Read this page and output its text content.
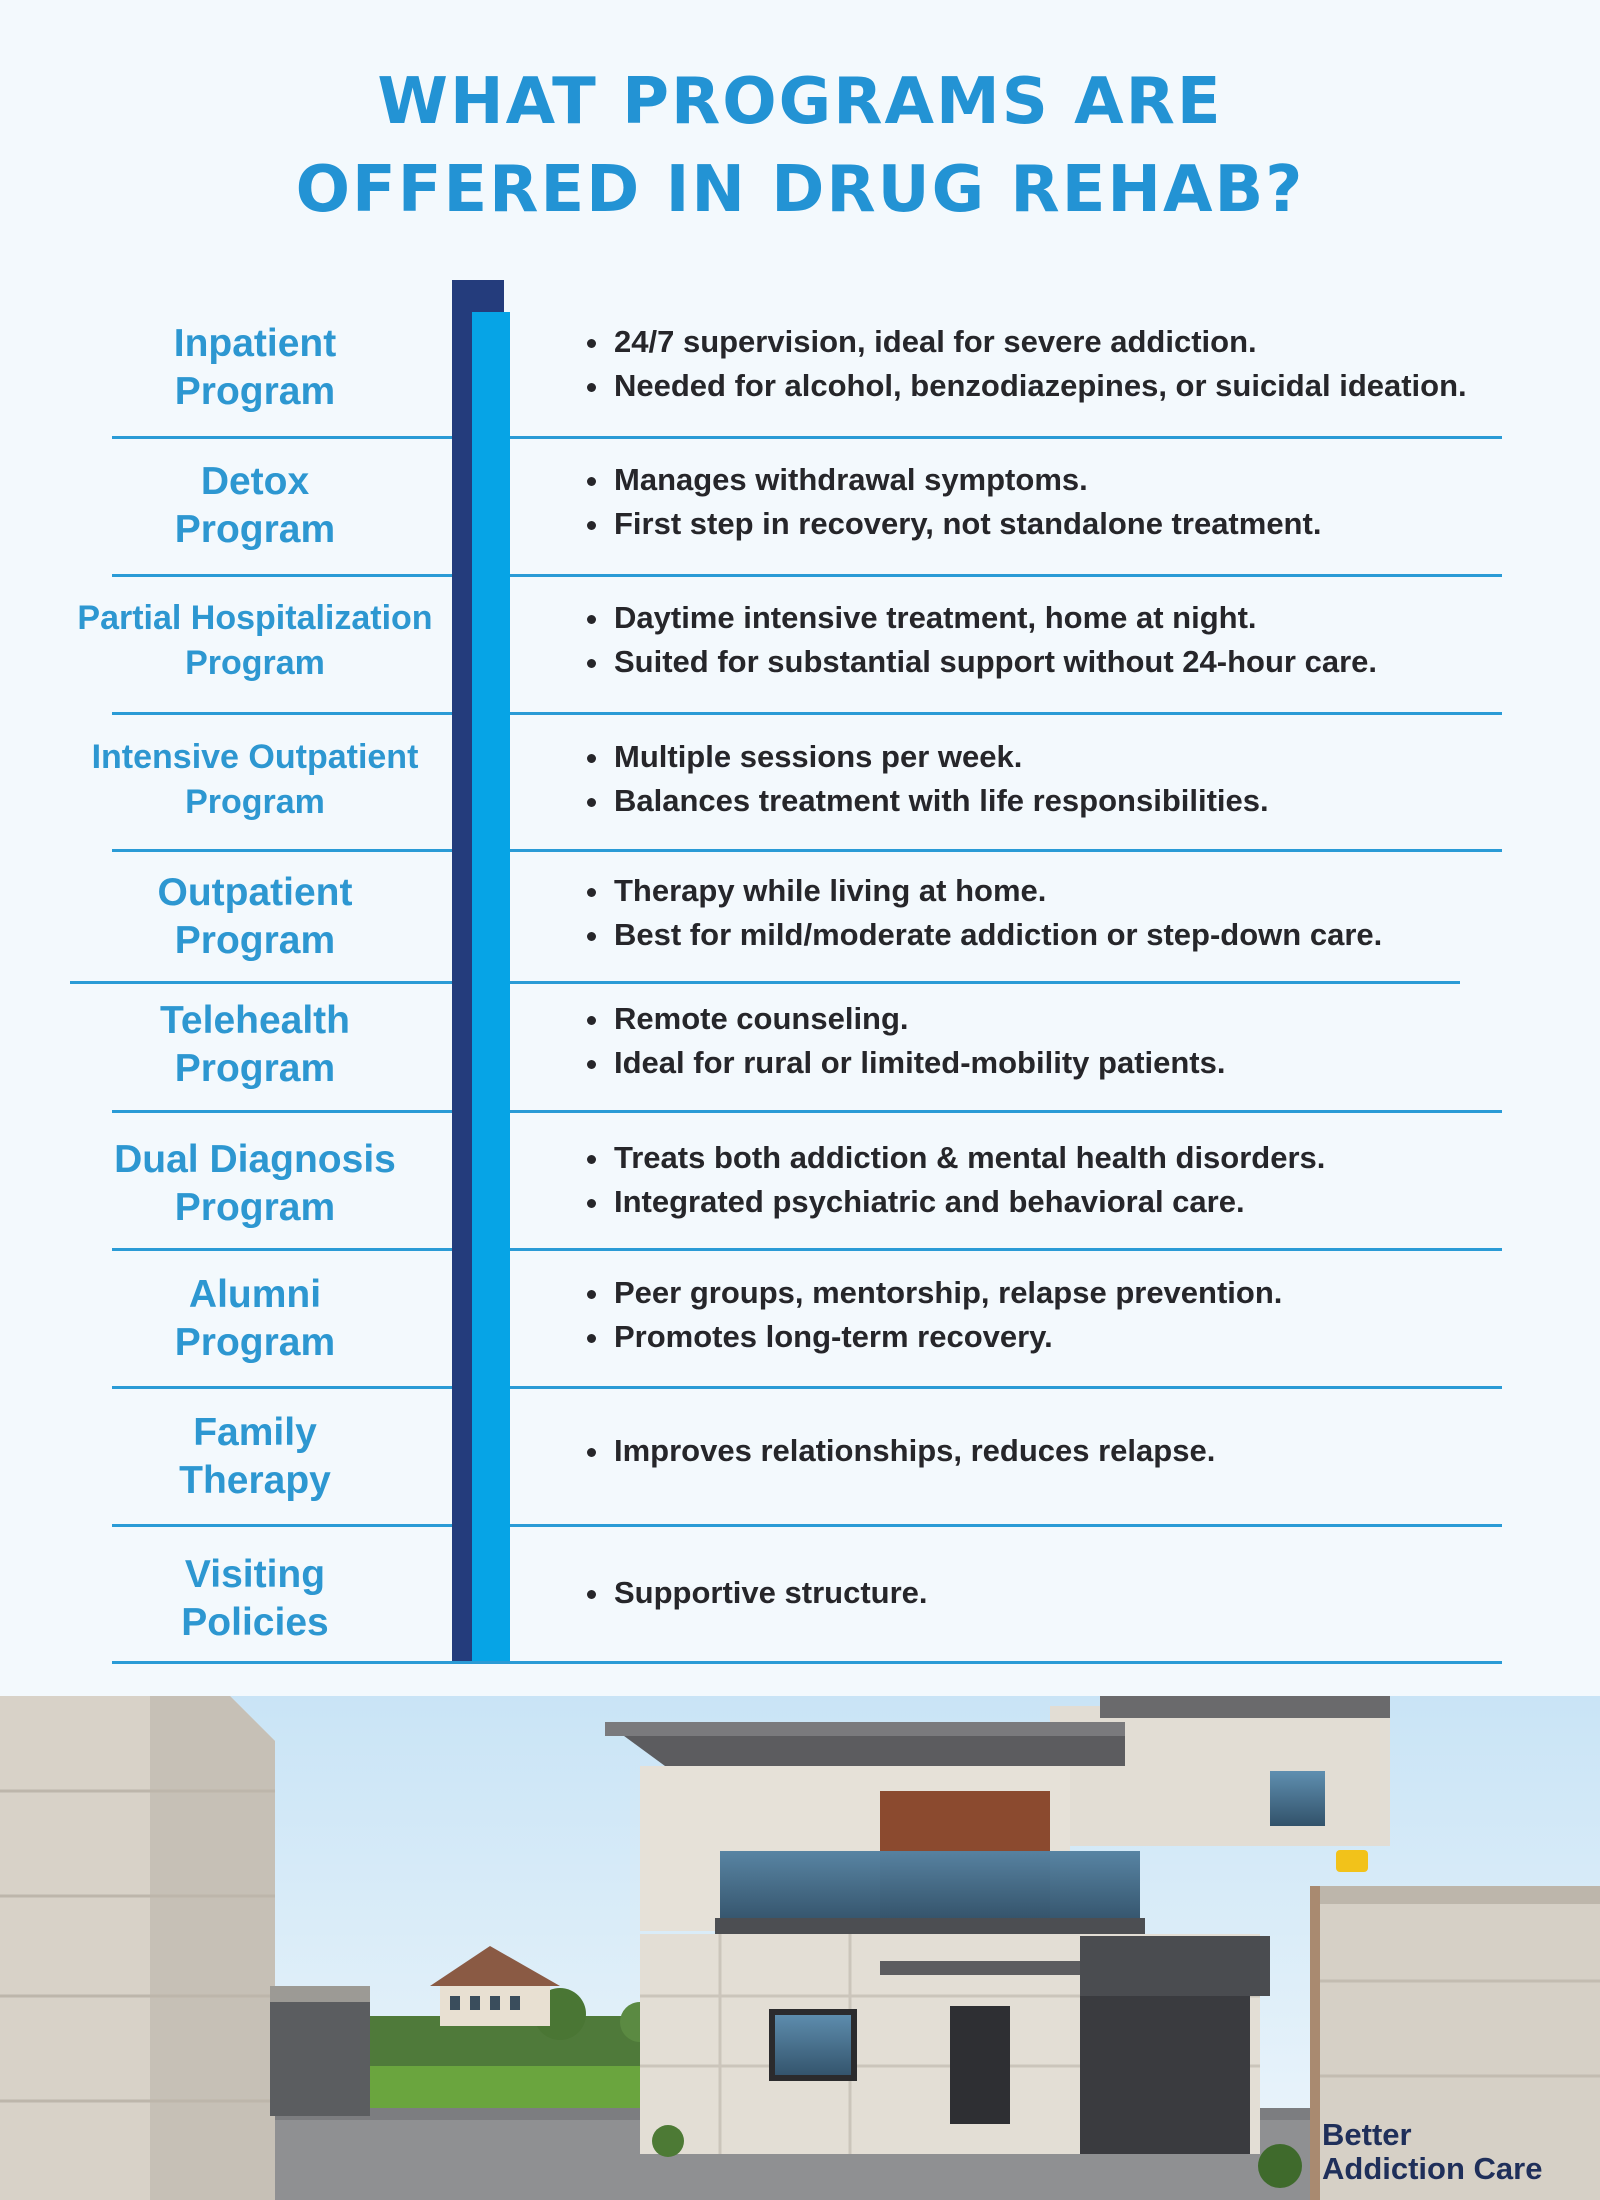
WHAT PROGRAMS ARE
OFFERED IN DRUG REHAB?
Inpatient
Program
24/7 supervision, ideal for severe addiction.
Needed for alcohol, benzodiazepines, or suicidal ideation.
Detox
Program
Manages withdrawal symptoms.
First step in recovery, not standalone treatment.
Partial Hospitalization
Program
Daytime intensive treatment, home at night.
Suited for substantial support without 24-hour care.
Intensive Outpatient
Program
Multiple sessions per week.
Balances treatment with life responsibilities.
Outpatient
Program
Therapy while living at home.
Best for mild/moderate addiction or step-down care.
Telehealth
Program
Remote counseling.
Ideal for rural or limited-mobility patients.
Dual Diagnosis
Program
Treats both addiction & mental health disorders.
Integrated psychiatric and behavioral care.
Alumni
Program
Peer groups, mentorship, relapse prevention.
Promotes long-term recovery.
Family
Therapy
Improves relationships, reduces relapse.
Visiting
Policies
Supportive structure.
Better
Addiction Care
